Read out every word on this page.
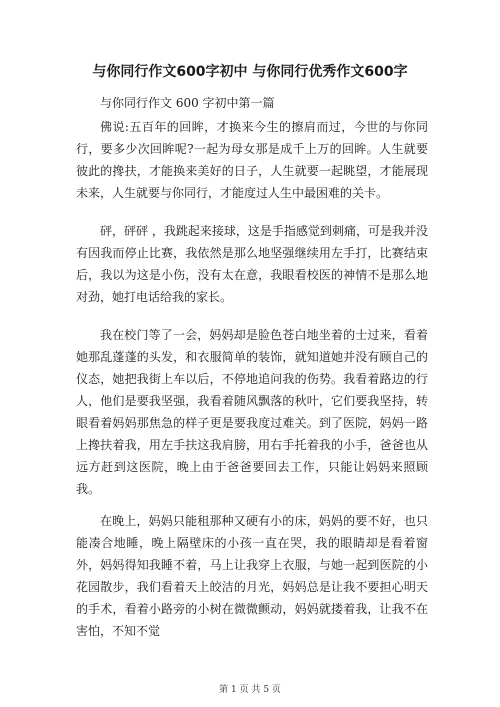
与你同行作文600字初中 与你同行优秀作文600字

与你同行作文 600 字初中第一篇

佛说:五百年的回眸，才换来今生的擦肩而过，今世的与你同行，要多少次回眸呢?一起为母女那是成千上万的回眸。人生就要彼此的搀扶，才能换来美好的日子，人生就要一起眺望，才能展现未来，人生就要与你同行，才能度过人生中最困难的关卡。

砰，砰砰 ，我跳起来接球，这是手指感觉到刺痛，可是我并没有因我而停止比赛，我依然是那么地坚强继续用左手打，比赛结束后，我以为这是小伤，没有太在意，我眼看校医的神情不是那么地对劲，她打电话给我的家长。

我在校门等了一会，妈妈却是脸色苍白地坐着的士过来，看着她那乱蓬蓬的头发，和衣服简单的装饰，就知道她并没有顾自己的仪态，她把我街上车以后，不停地追问我的伤势。我看着路边的行人，他们是要我坚强，我看着随风飘落的秋叶，它们要我坚持，转眼看着妈妈那焦急的样子更是要我度过难关。到了医院，妈妈一路上搀扶着我，用左手扶这我肩膀，用右手托着我的小手，爸爸也从远方赶到这医院，晚上由于爸爸要回去工作，只能让妈妈来照顾我。

在晚上，妈妈只能租那种又硬有小的床，妈妈的要不好，也只能凑合地睡，晚上隔壁床的小孩一直在哭，我的眼睛却是看着窗外，妈妈得知我睡不着，马上让我穿上衣服，与她一起到医院的小花园散步，我们看着天上皎洁的月光，妈妈总是让我不要担心明天的手术，看着小路旁的小树在微微颤动，妈妈就搂着我，让我不在害怕，不知不觉

第 1 页 共 5 页
